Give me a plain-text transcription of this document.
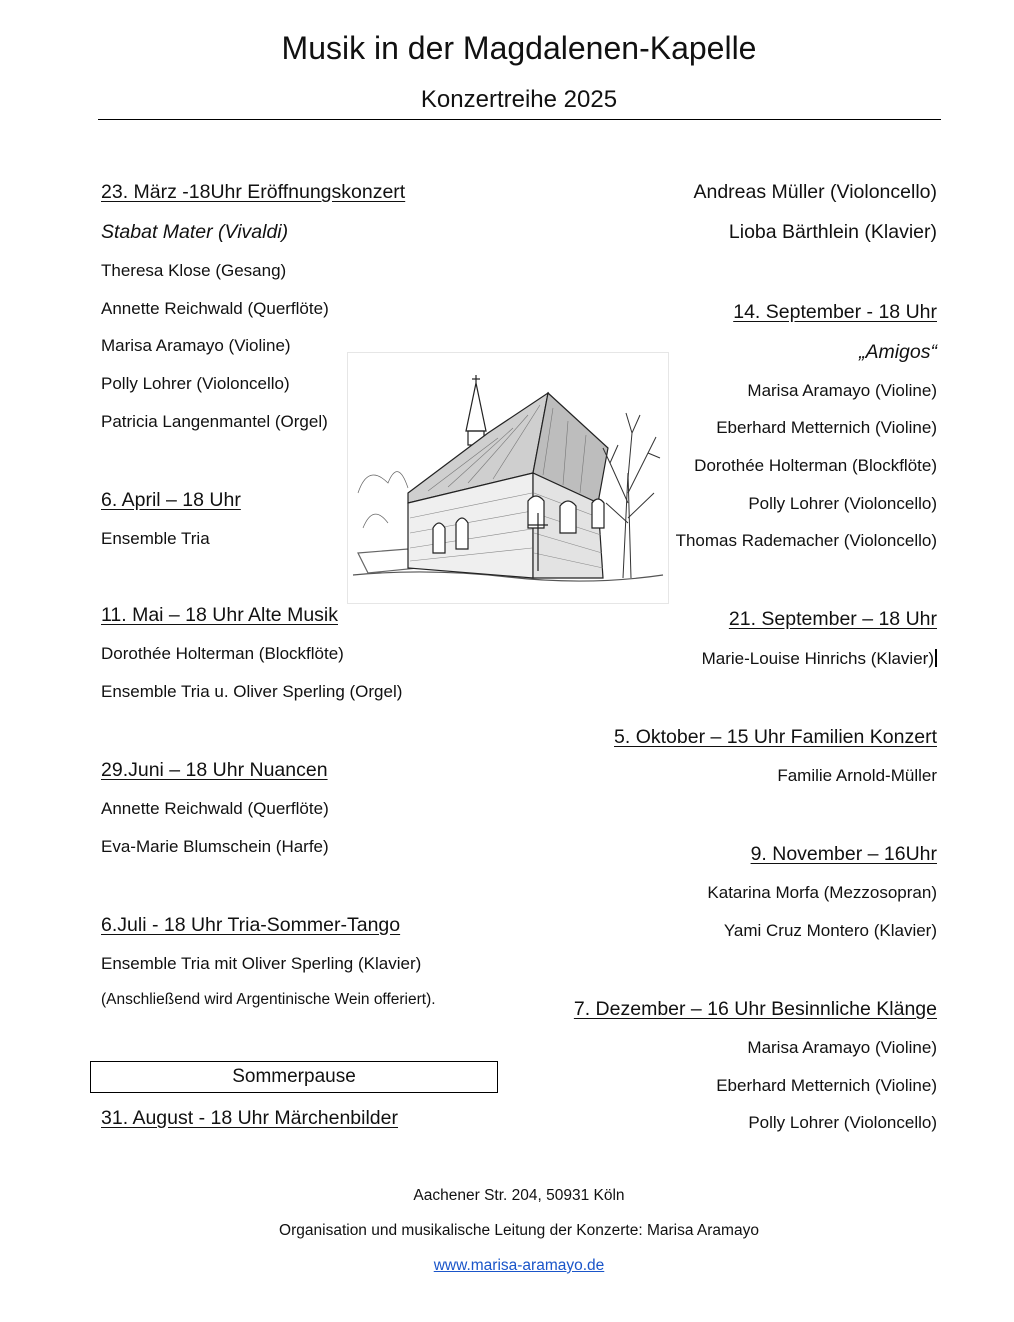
Musik in der Magdalenen-Kapelle
Konzertreihe 2025
23. März -18Uhr Eröffnungskonzert
Stabat Mater (Vivaldi)
Theresa Klose (Gesang)
Annette Reichwald (Querflöte)
Marisa Aramayo (Violine)
Polly Lohrer (Violoncello)
Patricia Langenmantel (Orgel)
6. April – 18 Uhr
Ensemble Tria
11. Mai – 18 Uhr Alte Musik
Dorothée Holterman (Blockflöte)
Ensemble Tria u. Oliver Sperling (Orgel)
29.Juni – 18 Uhr Nuancen
Annette Reichwald (Querflöte)
Eva-Marie Blumschein (Harfe)
6.Juli - 18 Uhr Tria-Sommer-Tango
Ensemble Tria mit Oliver Sperling (Klavier)
(Anschließend wird Argentinische Wein offeriert).
Sommerpause
31. August - 18 Uhr Märchenbilder
Andreas Müller (Violoncello)
Lioba Bärthlein (Klavier)
14. September - 18 Uhr
„Amigos“
Marisa Aramayo (Violine)
Eberhard Metternich (Violine)
Dorothée Holterman (Blockflöte)
Polly Lohrer (Violoncello)
Thomas Rademacher (Violoncello)
21. September – 18 Uhr
Marie-Louise Hinrichs (Klavier)
5. Oktober – 15 Uhr Familien Konzert
Familie Arnold-Müller
9. November – 16Uhr
Katarina Morfa (Mezzosopran)
Yami Cruz Montero (Klavier)
7. Dezember – 16 Uhr Besinnliche Klänge
Marisa Aramayo (Violine)
Eberhard Metternich (Violine)
Polly Lohrer (Violoncello)
Aachener Str. 204, 50931 Köln
Organisation und musikalische Leitung der Konzerte: Marisa Aramayo
www.marisa-aramayo.de
